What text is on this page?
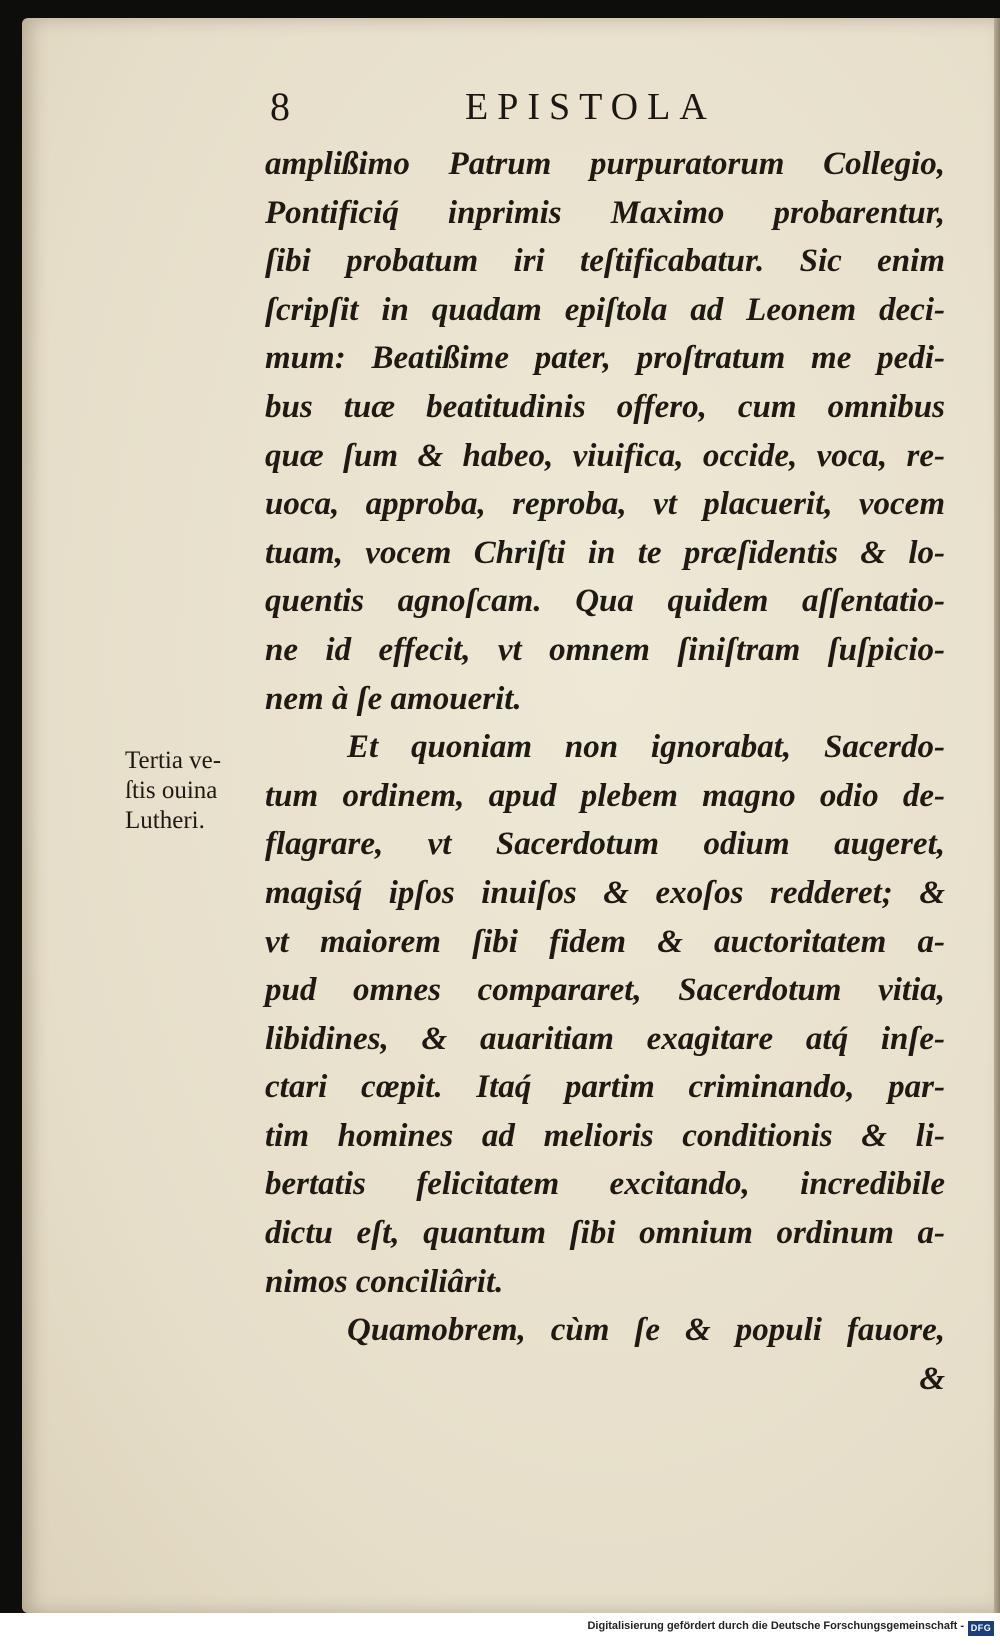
8	EPISTOLA
amplißimo Patrum purpuratorum Collegio,
Pontificiq́ inprimis Maximo probarentur,
ſibi probatum iri teſtificabatur. Sic enim
ſcripſit in quadam epiſtola ad Leonem deci-
mum: Beatißime pater, proſtratum me pedi-
bus tuæ beatitudinis offero, cum omnibus
quæ ſum & habeo, viuifica, occide, voca, re-
uoca, approba, reproba, vt placuerit, vocem
tuam, vocem Chriſti in te præſidentis & lo-
quentis agnoſcam. Qua quidem aſſentatio-
ne id effecit, vt omnem ſiniſtram ſuſpicio-
nem à ſe amouerit.
Et quoniam non ignorabat, Sacerdo-
tum ordinem, apud plebem magno odio de-
flagrare, vt Sacerdotum odium augeret,
magisq́ ipſos inuiſos & exoſos redderet; &
vt maiorem ſibi fidem & auctoritatem a-
pud omnes compararet, Sacerdotum vitia,
libidines, & auaritiam exagitare atq́ inſe-
ctari cœpit. Itaq́ partim criminando, par-
tim homines ad melioris conditionis & li-
bertatis felicitatem excitando, incredibile
dictu eſt, quantum ſibi omnium ordinum a-
nimos conciliârit.
Quamobrem, cùm ſe & populi fauore,
&
Tertia ve-
ſtis ouina
Lutheri.
Digitalisierung gefördert durch die Deutsche Forschungsgemeinschaft - DFG
